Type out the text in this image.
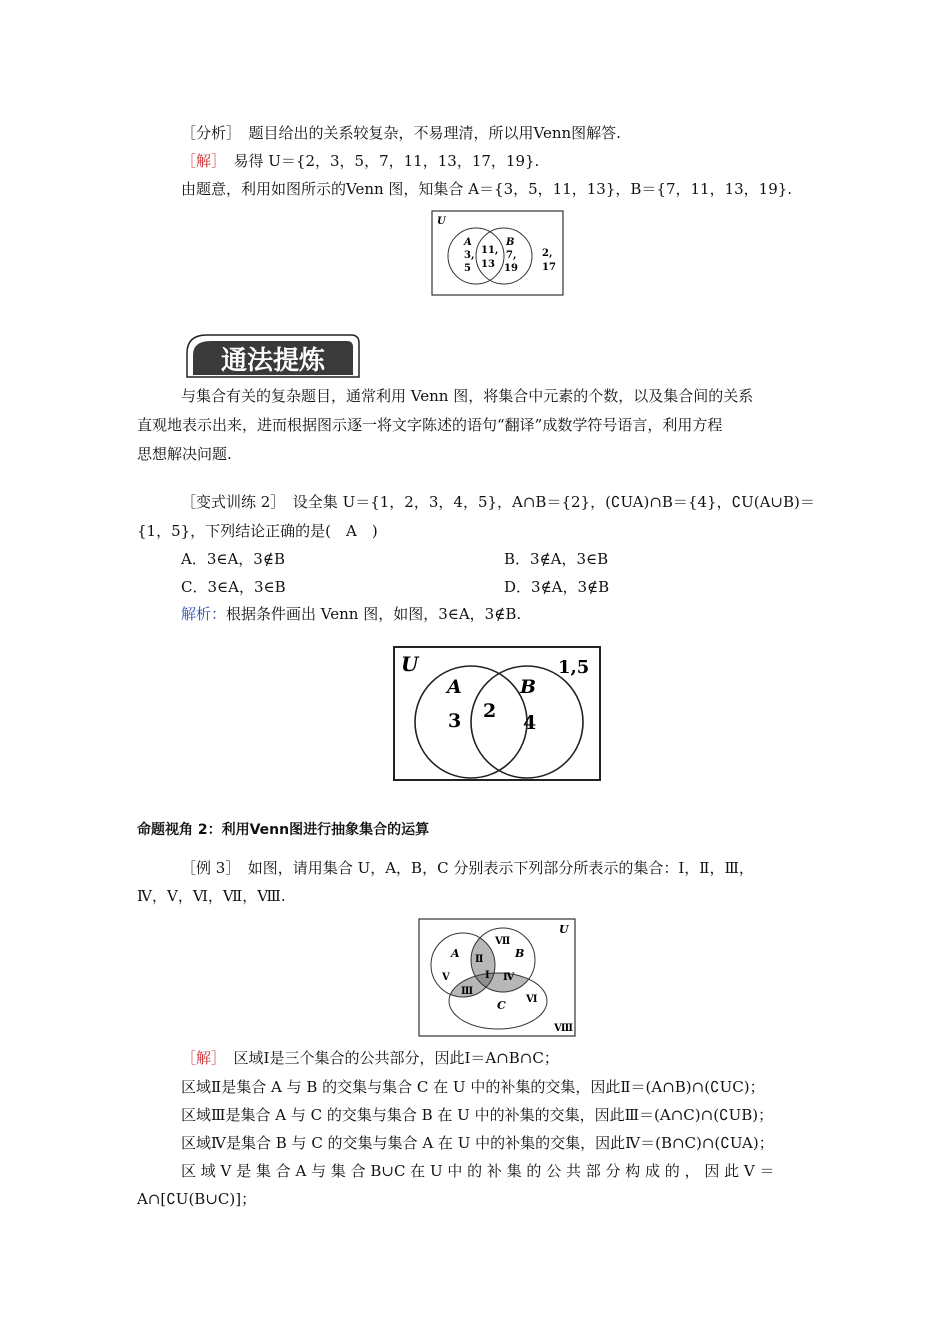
［分析］　题目给出的关系较复杂，不易理清，所以用Venn图解答.
［解］　易得 U＝{2，3，5，7，11，13，17，19}.
由题意，利用如图所示的Venn 图，知集合 A＝{3，5，11，13}，B＝{7，11，13，19}.
U
A
3,
5
11,
13
B
7,
19
2,
17
通法提炼
与集合有关的复杂题目，通常利用 Venn 图，将集合中元素的个数，以及集合间的关系
直观地表示出来，进而根据图示逐一将文字陈述的语句“翻译”成数学符号语言，利用方程
思想解决问题.
［变式训练 2］　设全集 U＝{1，2，3，4，5}，A∩B＝{2}，(∁UA)∩B＝{4}，∁U(A∪B)＝
{1，5}，下列结论正确的是(　A　)
A．3∈A，3∉B	B．3∉A，3∈B
C．3∈A，3∈B	D．3∉A，3∉B
解析：根据条件画出 Venn 图，如图，3∈A，3∉B.
U	1,5
A	B
3 2
4
命题视角 2：利用Venn图进行抽象集合的运算
［例 3］　如图，请用集合 U，A，B，C 分别表示下列部分所表示的集合：Ⅰ，Ⅱ，Ⅲ，
Ⅳ，Ⅴ，Ⅵ，Ⅶ，Ⅷ.
U
A	B
C
Ⅶ
Ⅱ
Ⅰ
Ⅴ	Ⅳ
Ⅲ
Ⅵ
Ⅷ
［解］　区域Ⅰ是三个集合的公共部分，因此Ⅰ＝A∩B∩C；
区域Ⅱ是集合 A 与 B 的交集与集合 C 在 U 中的补集的交集，因此Ⅱ＝(A∩B)∩(∁UC)；
区域Ⅲ是集合 A 与 C 的交集与集合 B 在 U 中的补集的交集，因此Ⅲ＝(A∩C)∩(∁UB)；
区域Ⅳ是集合 B 与 C 的交集与集合 A 在 U 中的补集的交集，因此Ⅳ＝(B∩C)∩(∁UA)；
区 域 Ⅴ 是 集 合 A 与 集 合 B∪C 在 U 中 的 补 集 的 公 共 部 分 构 成 的 ， 因 此 Ⅴ ＝
A∩[∁U(B∪C)]；
